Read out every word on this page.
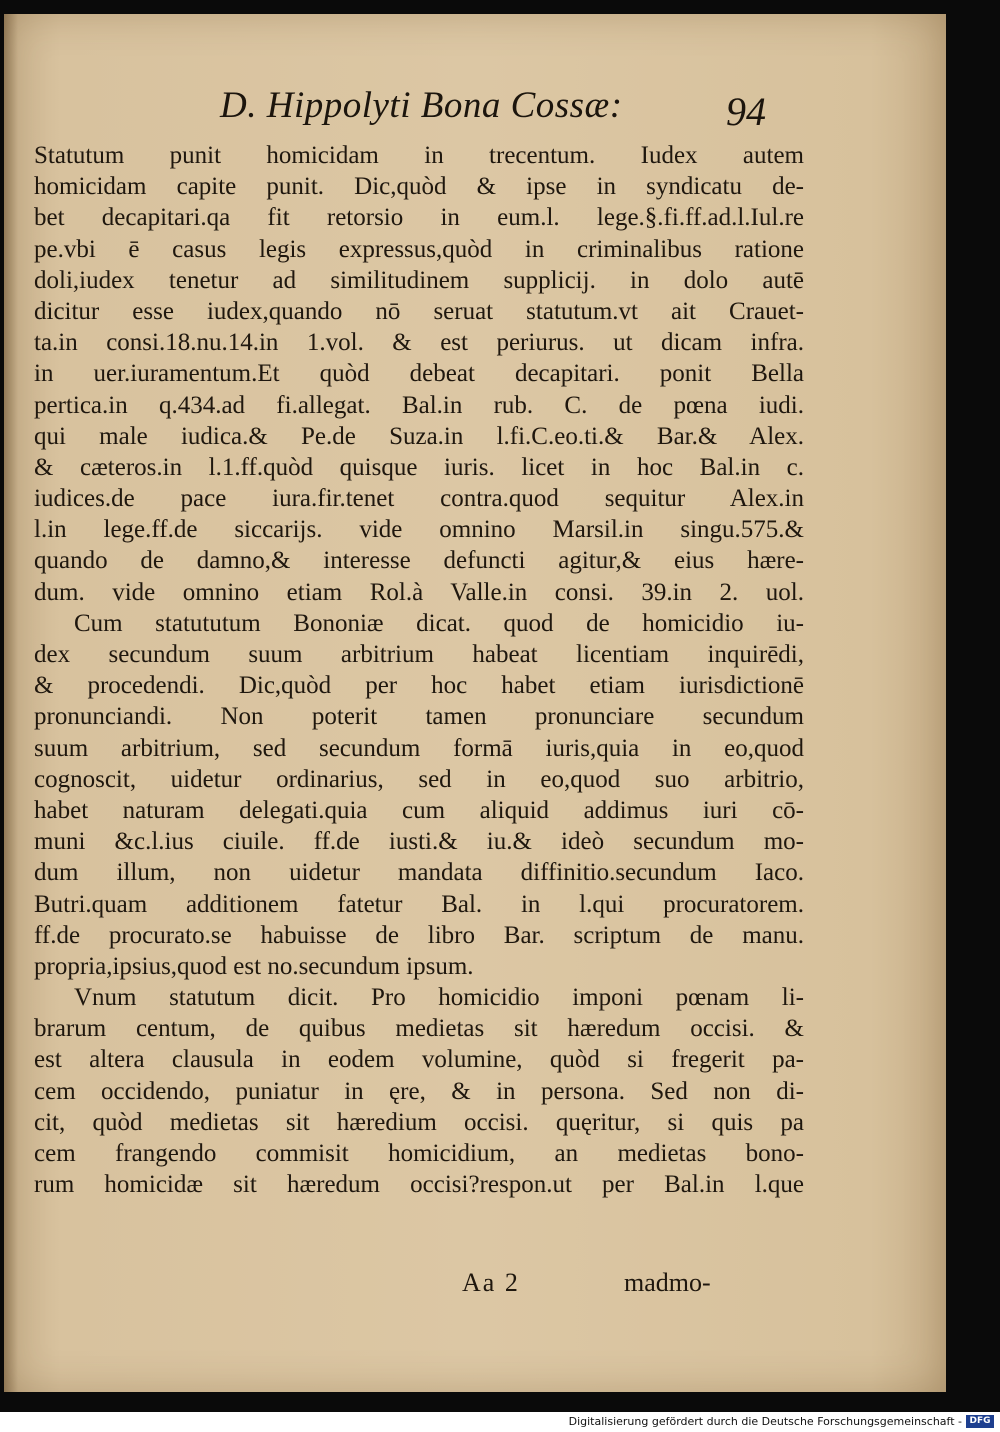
D. Hippolyti Bona Cossæ:	94
Statutum punit homicidam in trecentum. Iudex autem
homicidam capite punit. Dic,quòd & ipse in syndicatu de-
bet decapitari.qa fit retorsio in eum.l. lege.§.fi.ff.ad.l.Iul.re
pe.vbi ē casus legis expressus,quòd in criminalibus ratione
doli,iudex tenetur ad similitudinem supplicij. in dolo autē
dicitur esse iudex,quando nō seruat statutum.vt ait Crauet-
ta.in consi.18.nu.14.in 1.vol. & est periurus. ut dicam infra.
in uer.iuramentum.Et quòd debeat decapitari. ponit Bella
pertica.in q.434.ad fi.allegat. Bal.in rub. C. de pœna iudi.
qui male iudica.& Pe.de Suza.in l.fi.C.eo.ti.& Bar.& Alex.
& cæteros.in l.1.ff.quòd quisque iuris. licet in hoc Bal.in c.
iudices.de pace iura.fir.tenet contra.quod sequitur Alex.in
l.in lege.ff.de siccarijs. vide omnino Marsil.in singu.575.&
quando de damno,& interesse defuncti agitur,& eius hære-
dum. vide omnino etiam Rol.à Valle.in consi. 39.in 2. uol.
Cum statututum Bononiæ dicat. quod de homicidio iu-
dex secundum suum arbitrium habeat licentiam inquirēdi,
& procedendi. Dic,quòd per hoc habet etiam iurisdictionē
pronunciandi. Non poterit tamen pronunciare secundum
suum arbitrium, sed secundum formā iuris,quia in eo,quod
cognoscit, uidetur ordinarius, sed in eo,quod suo arbitrio,
habet naturam delegati.quia cum aliquid addimus iuri cō-
muni &c.l.ius ciuile. ff.de iusti.& iu.& ideò secundum mo-
dum illum, non uidetur mandata diffinitio.secundum Iaco.
Butri.quam additionem fatetur Bal. in l.qui procuratorem.
ff.de procurato.se habuisse de libro Bar. scriptum de manu.
propria,ipsius,quod est no.secundum ipsum.
Vnum statutum dicit. Pro homicidio imponi pœnam li-
brarum centum, de quibus medietas sit hæredum occisi. &
est altera clausula in eodem volumine, quòd si fregerit pa-
cem occidendo, puniatur in ęre, & in persona. Sed non di-
cit, quòd medietas sit hæredium occisi. quęritur, si quis pa
cem frangendo commisit homicidium, an medietas bono-
rum homicidæ sit hæredum occisi?respon.ut per Bal.in l.que
Aa 2	madmo-
Digitalisierung gefördert durch die Deutsche Forschungsgemeinschaft - DFG
